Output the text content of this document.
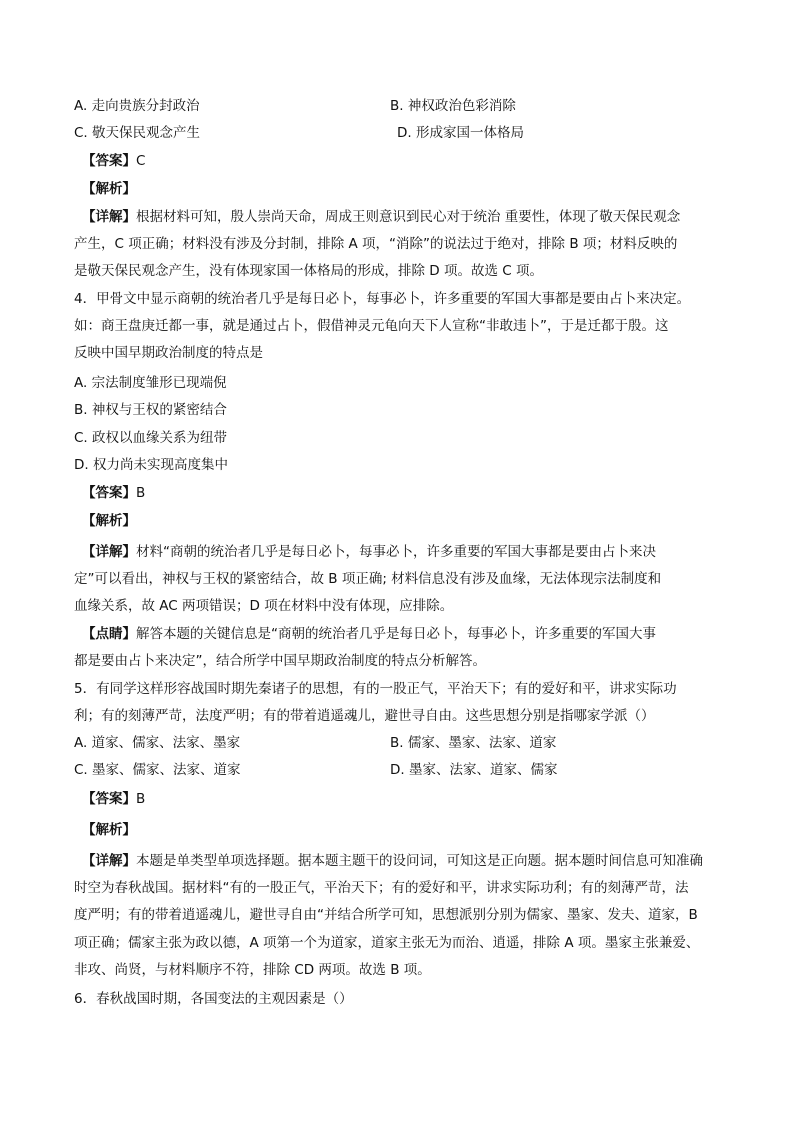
A. 走向贵族分封政治	B. 神权政治色彩消除
C. 敬天保民观念产生	D. 形成家国一体格局
【答案】C
【解析】
【详解】根据材料可知，殷人崇尚天命，周成王则意识到民心对于统治 重要性，体现了敬天保民观念
产生，C 项正确；材料没有涉及分封制，排除 A 项，“消除”的说法过于绝对，排除 B 项；材料反映的
是敬天保民观念产生，没有体现家国一体格局的形成，排除 D 项。故选 C 项。
4．甲骨文中显示商朝的统治者几乎是每日必卜，每事必卜，许多重要的军国大事都是要由占卜来决定。
如：商王盘庚迁都一事，就是通过占卜，假借神灵元龟向天下人宣称“非敢违卜”，于是迁都于殷。这
反映中国早期政治制度的特点是
A. 宗法制度雏形已现端倪
B. 神权与王权的紧密结合
C. 政权以血缘关系为纽带
D. 权力尚未实现高度集中
【答案】B
【解析】
【详解】材料“商朝的统治者几乎是每日必卜，每事必卜，许多重要的军国大事都是要由占卜来决
定”可以看出，神权与王权的紧密结合，故 B 项正确; 材料信息没有涉及血缘，无法体现宗法制度和
血缘关系，故 AC 两项错误；D 项在材料中没有体现，应排除。
【点睛】解答本题的关键信息是“商朝的统治者几乎是每日必卜，每事必卜，许多重要的军国大事
都是要由占卜来决定”，结合所学中国早期政治制度的特点分析解答。
5．有同学这样形容战国时期先秦诸子的思想，有的一股正气，平治天下；有的爱好和平，讲求实际功
利；有的刻薄严苛，法度严明；有的带着逍遥魂儿，避世寻自由。这些思想分别是指哪家学派（）
A. 道家、儒家、法家、墨家	B. 儒家、墨家、法家、道家
C. 墨家、儒家、法家、道家	D. 墨家、法家、道家、儒家
【答案】B
【解析】
【详解】本题是单类型单项选择题。据本题主题干的设问词，可知这是正向题。据本题时间信息可知准确
时空为春秋战国。据材料“有的一股正气，平治天下；有的爱好和平，讲求实际功利；有的刻薄严苛，法
度严明；有的带着逍遥魂儿，避世寻自由“并结合所学可知，思想派别分别为儒家、墨家、发夫、道家，B
项正确；儒家主张为政以德，A 项第一个为道家，道家主张无为而治、逍遥，排除 A 项。墨家主张兼爱、
非攻、尚贤，与材料顺序不符，排除 CD 两项。故选 B 项。
6．春秋战国时期，各国变法的主观因素是（）
